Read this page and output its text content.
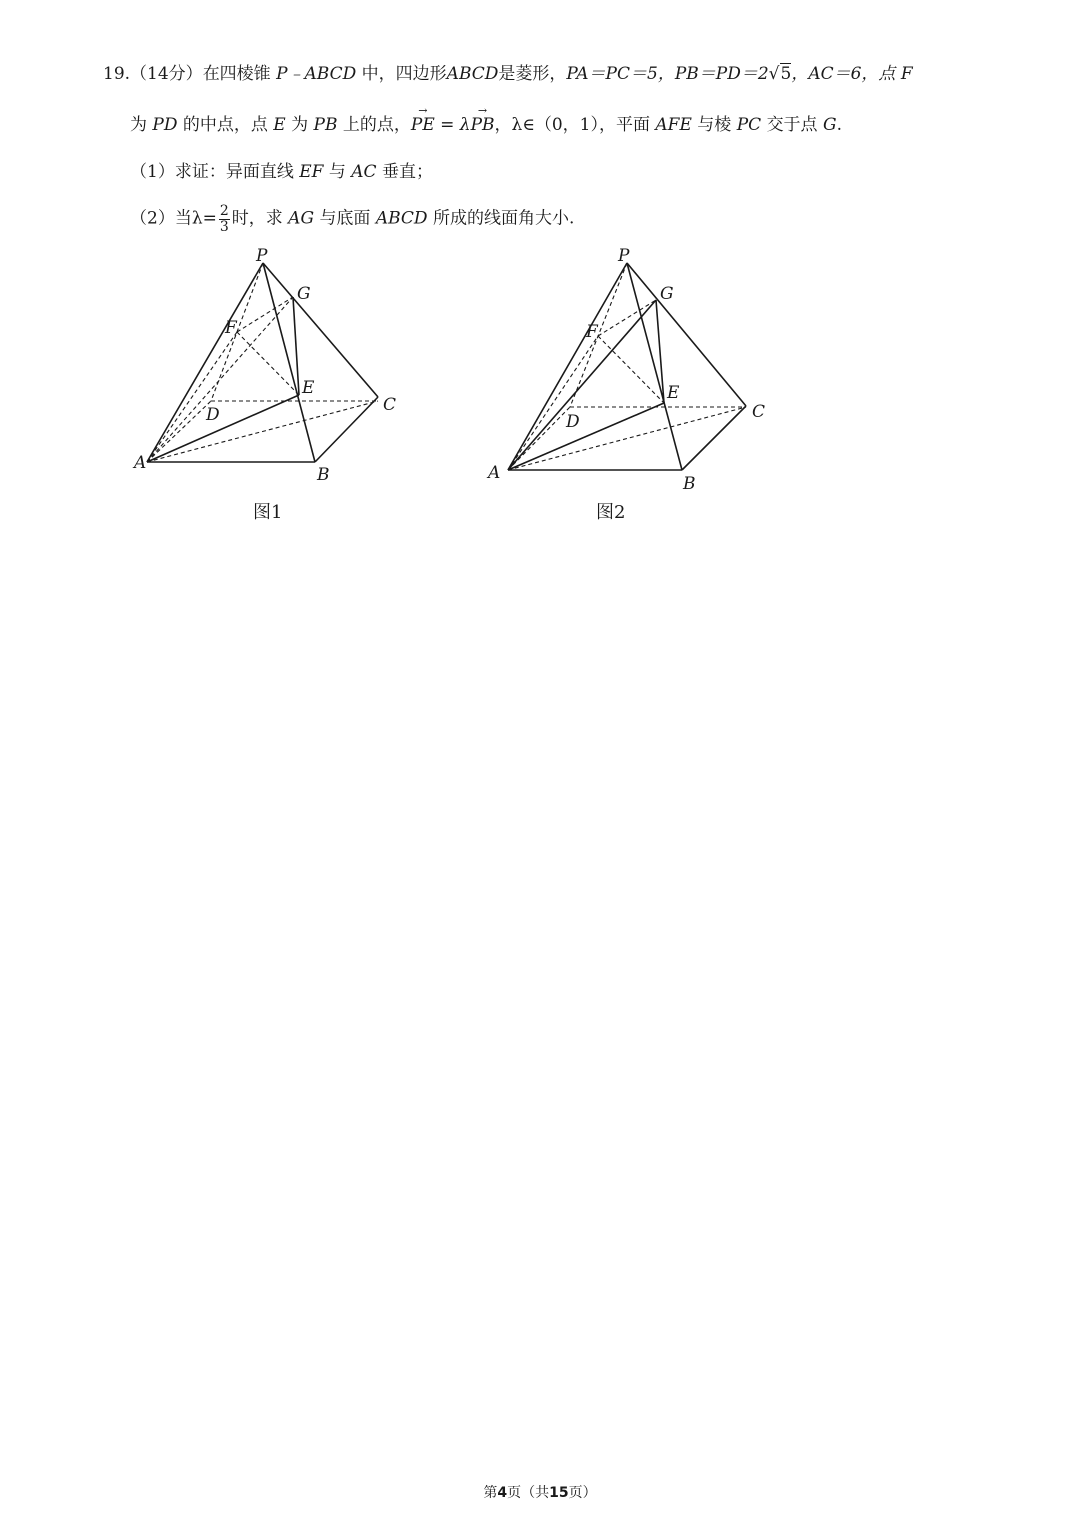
19.（14分）在四棱锥 P﹣ABCD 中，四边形ABCD是菱形，PA＝PC＝5，PB＝PD＝2√5，AC＝6，点 F
为 PD 的中点，点 E 为 PB 上的点，→ PE = λ→ PB，λ∈（0，1），平面 AFE 与棱 PC 交于点 G.
（1）求证：异面直线 EF 与 AC 垂直；
（2）当$\lambda= \frac{2}{3}$ 时，求 AG 与底面 ABCD 所成的线面角大小.
P
G
F
E
D	C
A
B
P
G
F
E
D	C
A
B
图1	图2
第4页（共15页）
